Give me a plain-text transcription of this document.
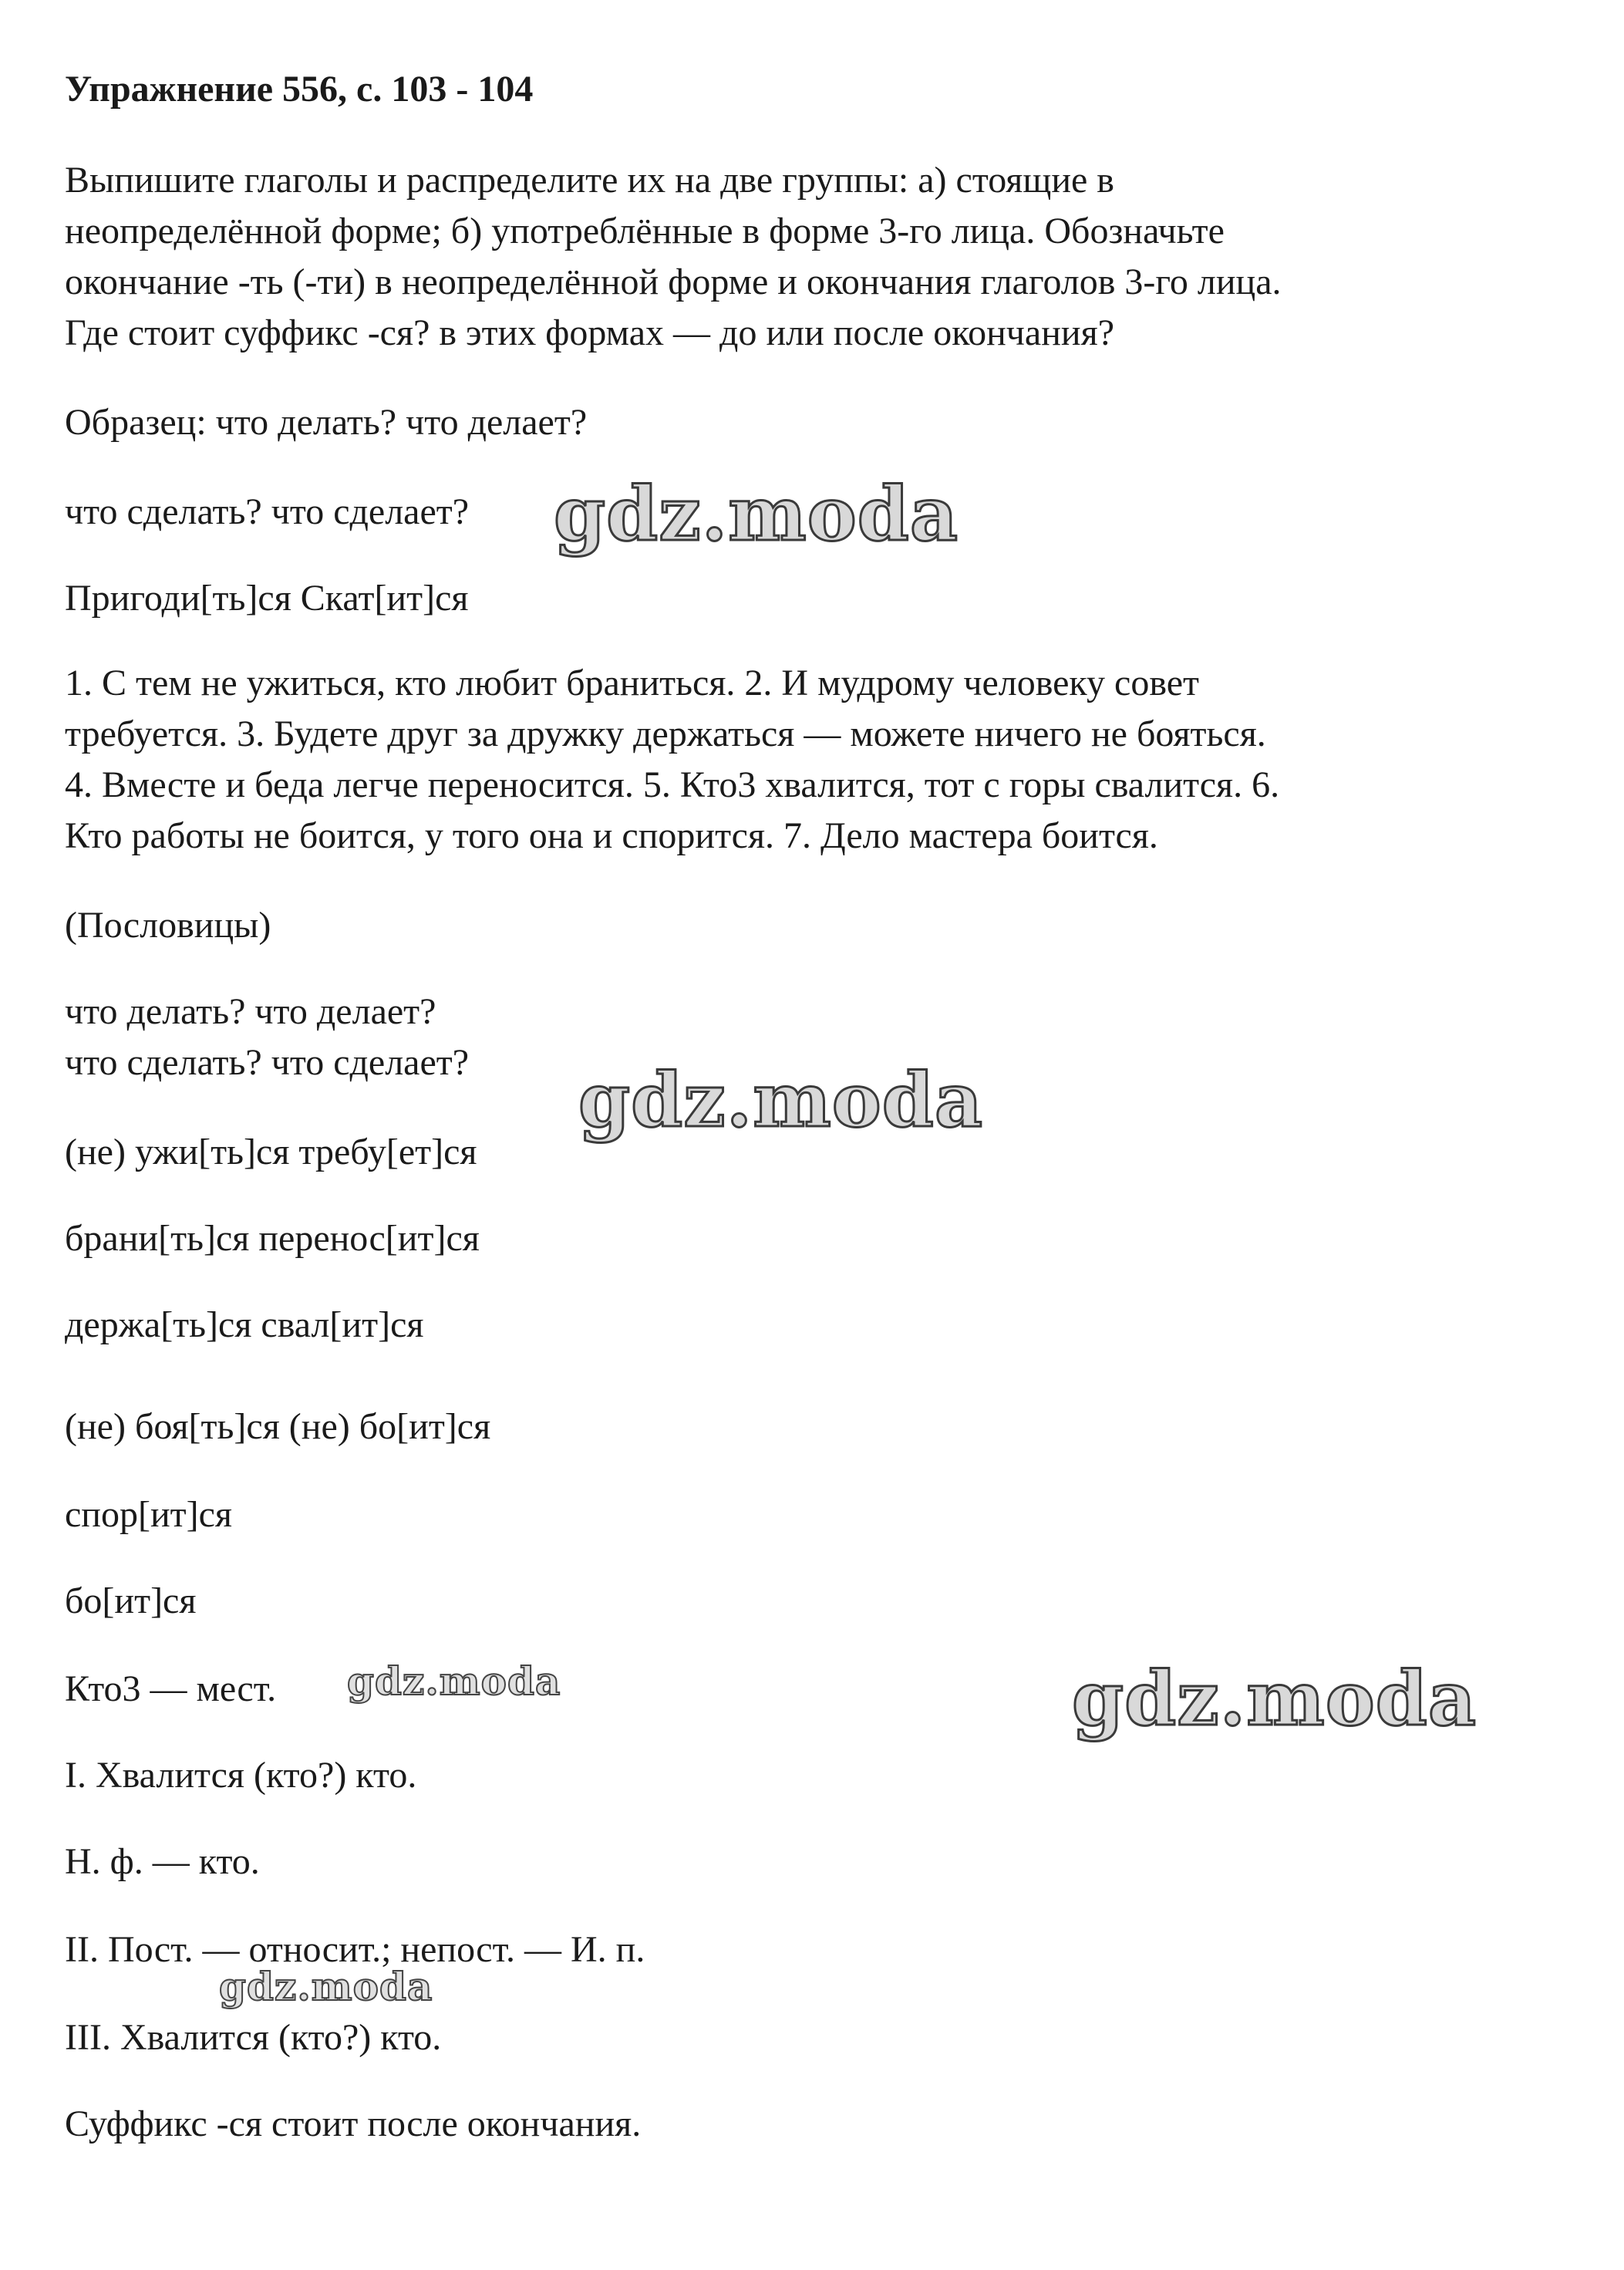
Упражнение 556, с. 103 - 104

Выпишите глаголы и распределите их на две группы: а) стоящие в

неопределённой форме; б) употреблённые в форме 3-го лица. Обозначьте

окончание -ть (-ти) в неопределённой форме и окончания глаголов 3-го лица.

Где стоит суффикс -ся? в этих формах — до или после окончания?

Образец: что делать? что делает?

что сделать? что сделает?

Пригоди[ть]ся Скат[ит]ся

1. С тем не ужиться, кто любит браниться. 2. И мудрому человеку совет

требуется. 3. Будете друг за дружку держаться — можете ничего не бояться.

4. Вместе и беда легче переносится. 5. Кто3 хвалится, тот с горы свалится. 6.

Кто работы не боится, у того она и спорится. 7. Дело мастера боится.

(Пословицы)

что делать? что делает?

что сделать? что сделает?

(не) ужи[ть]ся требу[ет]ся

брани[ть]ся перенос[ит]ся

держа[ть]ся свал[ит]ся

(не) боя[ть]ся (не) бо[ит]ся

спор[ит]ся

бо[ит]ся

Кто3 — мест.

I. Хвалится (кто?) кто.

Н. ф. — кто.

II. Пост. — относит.; непост. — И. п.

III. Хвалится (кто?) кто.

Суффикс -ся стоит после окончания.

gdz.moda

gdz.moda

gdz.moda

gdz.moda

gdz.moda
